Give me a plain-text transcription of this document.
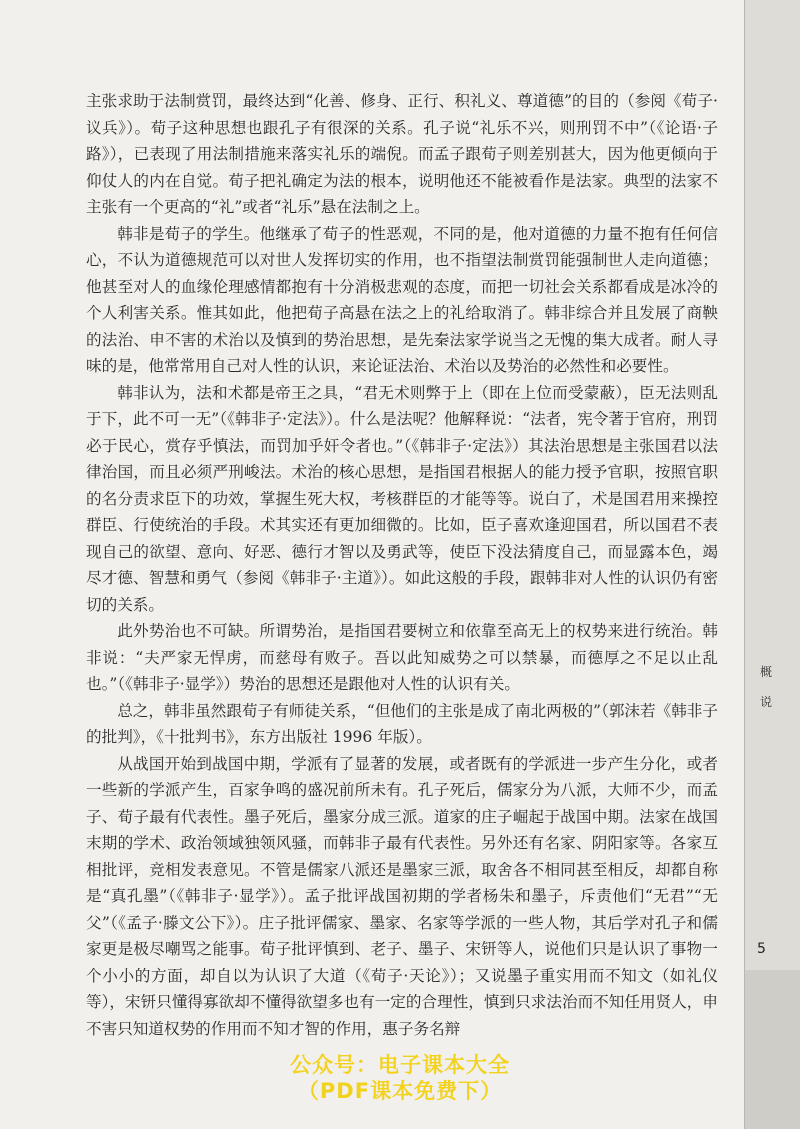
主张求助于法制赏罚，最终达到“化善、修身、正行、积礼义、尊道德”的目的（参阅《荀子·议兵》）。荀子这种思想也跟孔子有很深的关系。孔子说“礼乐不兴，则刑罚不中”（《论语·子路》），已表现了用法制措施来落实礼乐的端倪。而孟子跟荀子则差别甚大，因为他更倾向于仰仗人的内在自觉。荀子把礼确定为法的根本，说明他还不能被看作是法家。典型的法家不主张有一个更高的“礼”或者“礼乐”悬在法制之上。

韩非是荀子的学生。他继承了荀子的性恶观，不同的是，他对道德的力量不抱有任何信心，不认为道德规范可以对世人发挥切实的作用，也不指望法制赏罚能强制世人走向道德；他甚至对人的血缘伦理感情都抱有十分消极悲观的态度，而把一切社会关系都看成是冰冷的个人利害关系。惟其如此，他把荀子高悬在法之上的礼给取消了。韩非综合并且发展了商鞅的法治、申不害的术治以及慎到的势治思想，是先秦法家学说当之无愧的集大成者。耐人寻味的是，他常常用自己对人性的认识，来论证法治、术治以及势治的必然性和必要性。

韩非认为，法和术都是帝王之具，“君无术则弊于上（即在上位而受蒙蔽），臣无法则乱于下，此不可一无”（《韩非子·定法》）。什么是法呢？他解释说：“法者，宪令著于官府，刑罚必于民心，赏存乎慎法，而罚加乎奸令者也。”（《韩非子·定法》）其法治思想是主张国君以法律治国，而且必须严刑峻法。术治的核心思想，是指国君根据人的能力授予官职，按照官职的名分责求臣下的功效，掌握生死大权，考核群臣的才能等等。说白了，术是国君用来操控群臣、行使统治的手段。术其实还有更加细微的。比如，臣子喜欢逢迎国君，所以国君不表现自己的欲望、意向、好恶、德行才智以及勇武等，使臣下没法猜度自己，而显露本色，竭尽才德、智慧和勇气（参阅《韩非子·主道》）。如此这般的手段，跟韩非对人性的认识仍有密切的关系。

此外势治也不可缺。所谓势治，是指国君要树立和依靠至高无上的权势来进行统治。韩非说：“夫严家无悍虏，而慈母有败子。吾以此知威势之可以禁暴，而德厚之不足以止乱也。”（《韩非子·显学》）势治的思想还是跟他对人性的认识有关。

总之，韩非虽然跟荀子有师徒关系，“但他们的主张是成了南北两极的”（郭沫若《韩非子的批判》，《十批判书》，东方出版社 1996 年版）。

从战国开始到战国中期，学派有了显著的发展，或者既有的学派进一步产生分化，或者一些新的学派产生，百家争鸣的盛况前所未有。孔子死后，儒家分为八派，大师不少，而孟子、荀子最有代表性。墨子死后，墨家分成三派。道家的庄子崛起于战国中期。法家在战国末期的学术、政治领域独领风骚，而韩非子最有代表性。另外还有名家、阴阳家等。各家互相批评，竞相发表意见。不管是儒家八派还是墨家三派，取舍各不相同甚至相反，却都自称是“真孔墨”（《韩非子·显学》）。孟子批评战国初期的学者杨朱和墨子，斥责他们“无君”“无父”（《孟子·滕文公下》）。庄子批评儒家、墨家、名家等学派的一些人物，其后学对孔子和儒家更是极尽嘲骂之能事。荀子批评慎到、老子、墨子、宋钘等人，说他们只是认识了事物一个小小的方面，却自以为认识了大道（《荀子·天论》）；又说墨子重实用而不知文（如礼仪等），宋钘只懂得寡欲却不懂得欲望多也有一定的合理性，慎到只求法治而不知任用贤人，申不害只知道权势的作用而不知才智的作用，惠子务名辩

概
说
5
公众号：电子课本大全
（PDF课本免费下）
